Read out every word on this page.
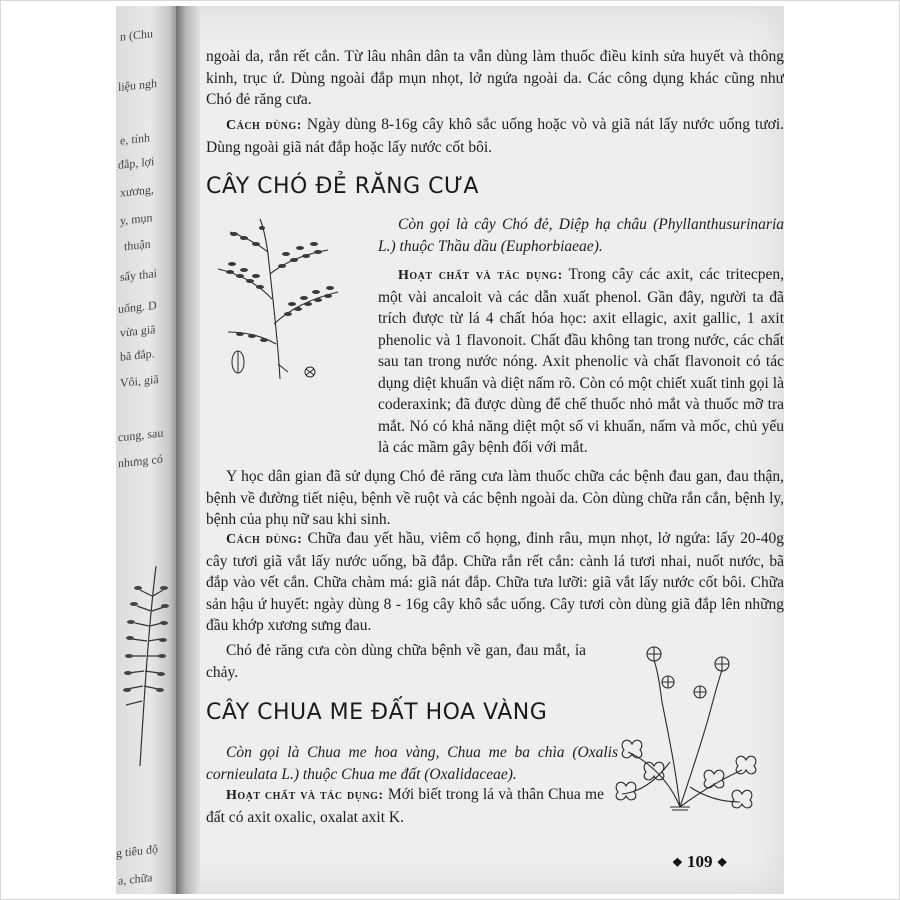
n (Chu
liệu ngh
e, tính
đắp, lợi
xương,
y, mụn
thuận
sẩy thai
uống. D
vừa giã
bã đắp.
Vôi, giã
cung, sau
nhưng có
g tiêu độ
a, chữa

ngoài da, rắn rết cắn. Từ lâu nhân dân ta vẫn dùng làm thuốc điều kinh sửa huyết và thông kinh, trục ứ. Dùng ngoài đắp mụn nhọt, lở ngứa ngoài da. Các công dụng khác cũng như Chó đẻ răng cưa.

Cách dùng: Ngày dùng 8-16g cây khô sắc uống hoặc vò và giã nát lấy nước uống tươi. Dùng ngoài giã nát đắp hoặc lấy nước cốt bôi.

CÂY CHÓ ĐẺ RĂNG CƯA

Còn gọi là cây Chó đẻ, Diệp hạ châu (Phyllanthusurinaria L.) thuộc Thầu dầu (Euphorbiaeae).

Hoạt chất và tác dụng: Trong cây các axit, các tritecpen, một vài ancaloit và các dẫn xuất phenol. Gần đây, người ta đã trích được từ lá 4 chất hóa học: axit ellagic, axit gallic, 1 axit phenolic và 1 flavonoit. Chất đầu không tan trong nước, các chất sau tan trong nước nóng. Axit phenolic và chất flavonoit có tác dụng diệt khuẩn và diệt nấm rõ. Còn có một chiết xuất tinh gọi là coderaxink; đã được dùng để chế thuốc nhỏ mắt và thuốc mỡ tra mắt. Nó có khả năng diệt một số vi khuẩn, nấm và mốc, chủ yếu là các mầm gây bệnh đối với mắt.

Y học dân gian đã sử dụng Chó đẻ răng cưa làm thuốc chữa các bệnh đau gan, đau thận, bệnh về đường tiết niệu, bệnh về ruột và các bệnh ngoài da. Còn dùng chữa rắn cắn, bệnh ly, bệnh của phụ nữ sau khi sinh.

Cách dùng: Chữa đau yết hầu, viêm cổ họng, đinh râu, mụn nhọt, lở ngứa: lấy 20-40g cây tươi giã vắt lấy nước uống, bã đắp. Chữa rắn rết cắn: cành lá tươi nhai, nuốt nước, bã đắp vào vết cắn. Chữa chàm má: giã nát đắp. Chữa tưa lưỡi: giã vắt lấy nước cốt bôi. Chữa sản hậu ứ huyết: ngày dùng 8 - 16g cây khô sắc uống. Cây tươi còn dùng giã đắp lên những đầu khớp xương sưng đau.

Chó đẻ răng cưa còn dùng chữa bệnh về gan, đau mắt, ỉa chảy.

CÂY CHUA ME ĐẤT HOA VÀNG

Còn gọi là Chua me hoa vàng, Chua me ba chìa (Oxalis cornieulata L.) thuộc Chua me đất (Oxalidaceae).

Hoạt chất và tác dụng: Mới biết trong lá và thân Chua me đất có axit oxalic, oxalat axit K.

❖ 109 ❖
